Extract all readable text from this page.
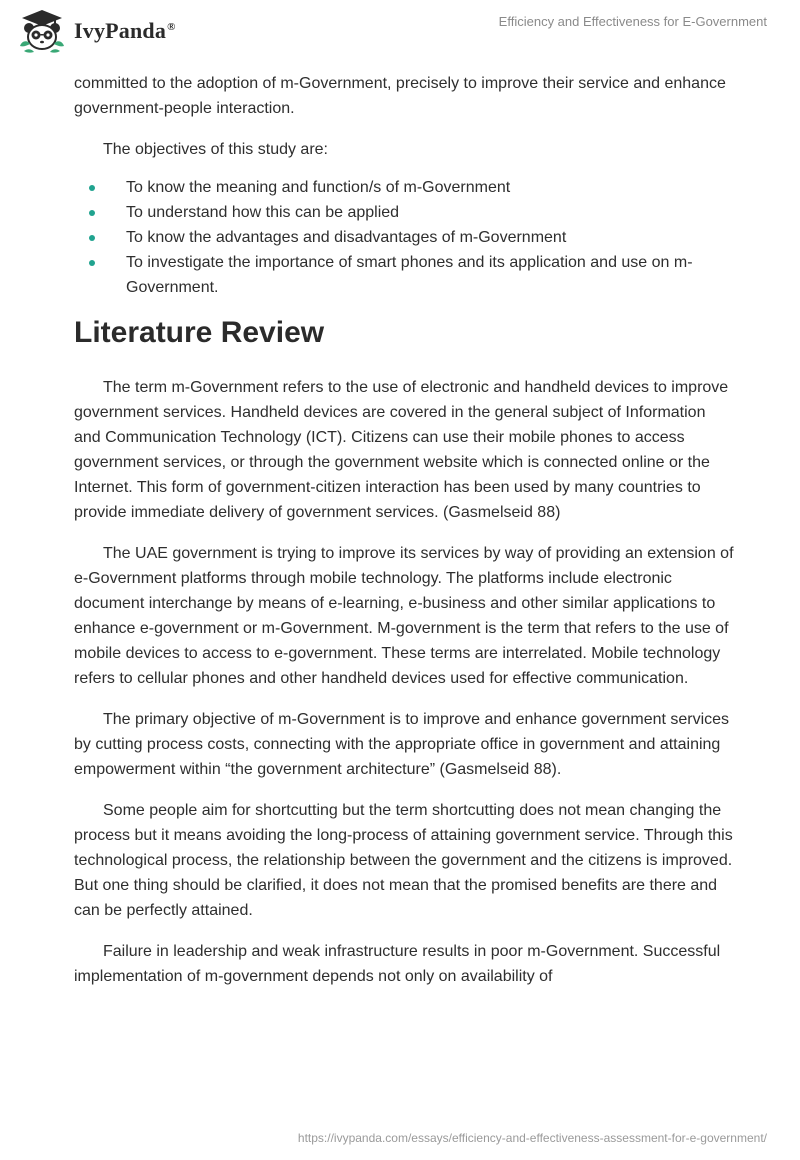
IvyPanda®	Efficiency and Effectiveness for E-Government

committed to the adoption of m-Government, precisely to improve their service and enhance government-people interaction.

The objectives of this study are:

To know the meaning and function/s of m-Government
To understand how this can be applied
To know the advantages and disadvantages of m-Government
To investigate the importance of smart phones and its application and use on m-Government.
Literature Review

The term m-Government refers to the use of electronic and handheld devices to improve government services. Handheld devices are covered in the general subject of Information and Communication Technology (ICT). Citizens can use their mobile phones to access government services, or through the government website which is connected online or the Internet. This form of government-citizen interaction has been used by many countries to provide immediate delivery of government services. (Gasmelseid 88)

The UAE government is trying to improve its services by way of providing an extension of e-Government platforms through mobile technology. The platforms include electronic document interchange by means of e-learning, e-business and other similar applications to enhance e-government or m-Government. M-government is the term that refers to the use of mobile devices to access to e-government. These terms are interrelated. Mobile technology refers to cellular phones and other handheld devices used for effective communication.

The primary objective of m-Government is to improve and enhance government services by cutting process costs, connecting with the appropriate office in government and attaining empowerment within “the government architecture” (Gasmelseid 88).

Some people aim for shortcutting but the term shortcutting does not mean changing the process but it means avoiding the long-process of attaining government service. Through this technological process, the relationship between the government and the citizens is improved. But one thing should be clarified, it does not mean that the promised benefits are there and can be perfectly attained.

Failure in leadership and weak infrastructure results in poor m-Government. Successful implementation of m-government depends not only on availability of

https://ivypanda.com/essays/efficiency-and-effectiveness-assessment-for-e-government/
